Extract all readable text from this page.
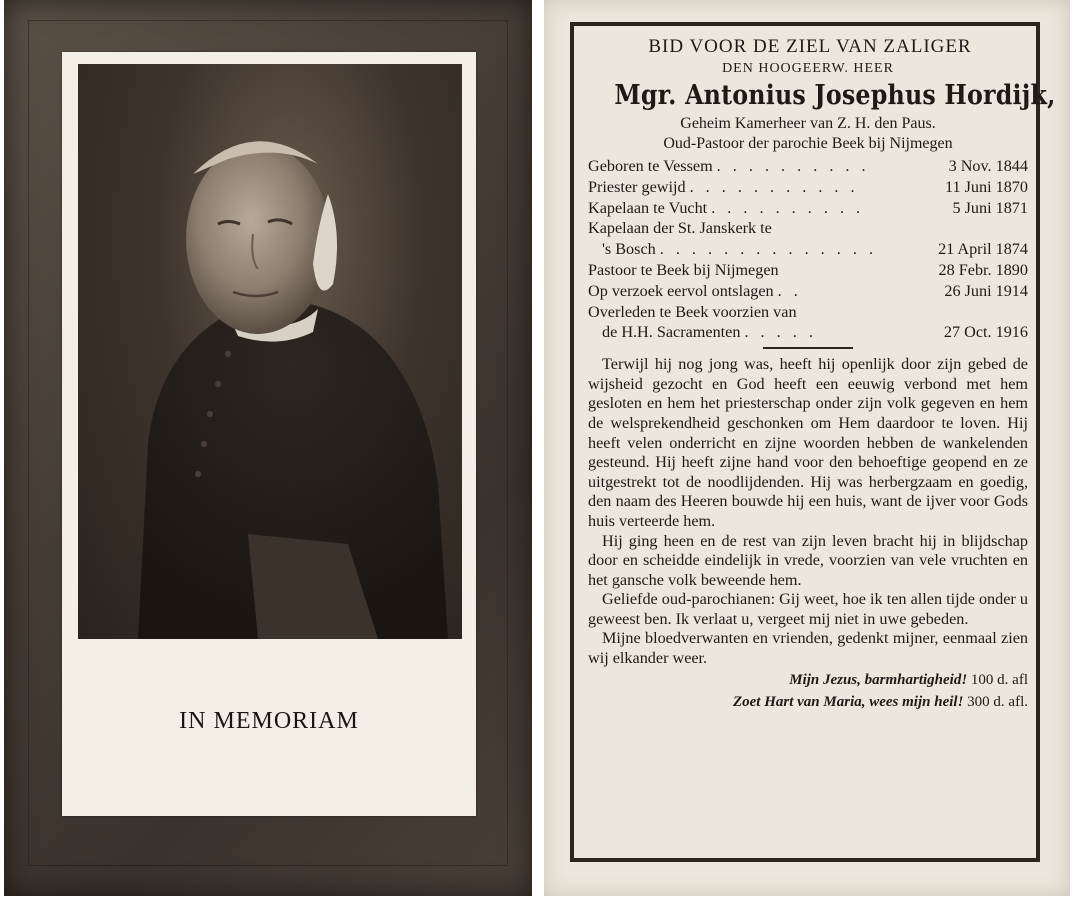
IN MEMORIAM
BID VOOR DE ZIEL VAN ZALIGER
DEN HOOGEERW. HEER
Mgr. Antonius Josephus Hordijk,
Geheim Kamerheer van Z. H. den Paus.
Oud-Pastoor der parochie Beek bij Nijmegen
Geboren te Vessem . . . . . . . . . .	3 Nov. 1844
Priester gewijd . . . . . . . . . . .	11 Juni 1870
Kapelaan te Vucht . . . . . . . . . .	5 Juni 1871
Kapelaan der St. Janskerk te
's Bosch . . . . . . . . . . . . . .	21 April 1874
Pastoor te Beek bij Nijmegen	28 Febr. 1890
Op verzoek eervol ontslagen . .	26 Juni 1914
Overleden te Beek voorzien van
de H.H. Sacramenten . . . . .	27 Oct. 1916

Terwijl hij nog jong was, heeft hij openlijk door zijn gebed de wijsheid gezocht en God heeft een eeuwig verbond met hem gesloten en hem het priesterschap onder zijn volk gegeven en hem de welsprekendheid geschonken om Hem daardoor te loven. Hij heeft velen onderricht en zijne woorden hebben de wankelenden gesteund. Hij heeft zijne hand voor den behoeftige geopend en ze uitgestrekt tot de noodlijdenden. Hij was herbergzaam en goedig, den naam des Heeren bouwde hij een huis, want de ijver voor Gods huis verteerde hem.

Hij ging heen en de rest van zijn leven bracht hij in blijdschap door en scheidde eindelijk in vrede, voorzien van vele vruchten en het gansche volk beweende hem.

Geliefde oud-parochianen: Gij weet, hoe ik ten allen tijde onder u geweest ben. Ik verlaat u, vergeet mij niet in uwe gebeden.

Mijne bloedverwanten en vrienden, gedenkt mijner, eenmaal zien wij elkander weer.

Mijn Jezus, barmhartigheid! 100 d. afl
Zoet Hart van Maria, wees mijn heil! 300 d. afl.
